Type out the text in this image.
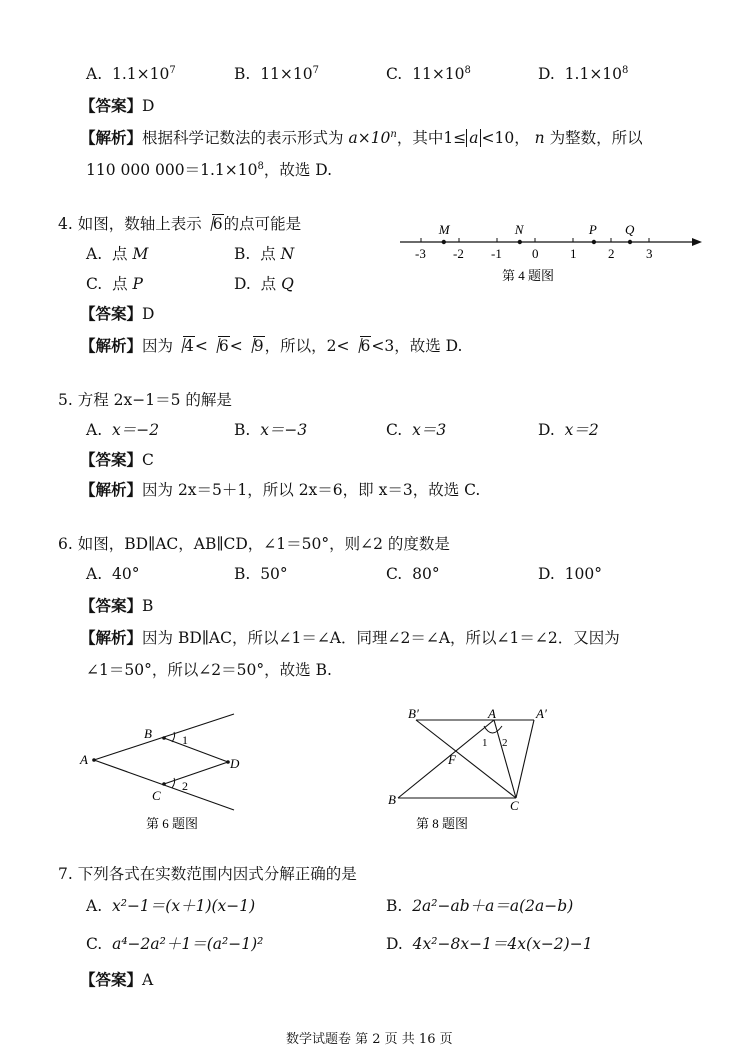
A. $1.1\times 10^7$	B. $11\times 10^7$	C. $11\times 10^8$	D. $1.1\times 10^8$
【答案】D
【解析】根据科学记数法的表示形式为 $a\times 10^n$，其中1≤ a <10， n 为整数，所以
110 000 $000=1.1\times 10^8$，故选 D.
4. 如图，数轴上表示 6的点可能是
A. 点 M	B. 点 N
C. 点 P	D. 点 Q
-3 -2 -1 0 1 2 3
M	N	P Q
第 4 题图
【答案】D
【解析】因为 4< 6< 9，所以，2< 6<3，故选 D.
5. 方程 2x−1＝5 的解是
A. x＝−2	B. x＝−3	C. x＝3	D. x＝2
【答案】C
【解析】因为 2x＝5＋1，所以 2x＝6，即 x＝3，故选 C.
6. 如图，BD∥AC，AB∥CD，∠1＝50°，则∠2 的度数是
A. 40°	B. 50°	C. 80°	D. 100°
【答案】B
【解析】因为 BD∥AC，所以∠1＝∠A．同理∠2＝∠A，所以∠1＝∠2．又因为
∠1＝50°，所以∠2＝50°，故选 B.
A
B
C
D
1
2
第 6 题图
B′	A	A′
F
B	C
1 2
第 8 题图
7. 下列各式在实数范围内因式分解正确的是
A. x²−1＝(x＋1)(x−1)	B. 2a²−ab＋a＝a(2a−b)
C. a⁴−2a²＋1＝(a²−1)²	D. 4x²−8x−1＝4x(x−2)−1
【答案】A
数学试题卷 第 2 页 共 16 页
